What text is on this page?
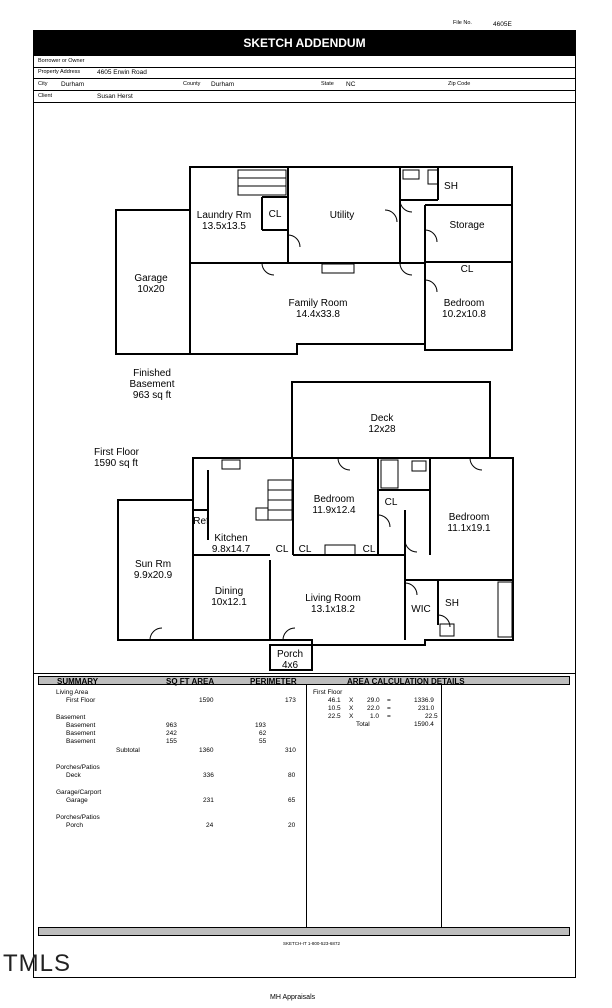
File No.	4605E
SKETCH ADDENDUM
Borrower or Owner
Property Address	4605 Erwin Road
City Durham	County Durham	State NC	Zip Code
Client	Susan Herst
Laundry Rm
13.5x13.5
CL	Utility
SH
Storage
CL
Garage
10x20
Family Room
14.4x33.8
Bedroom
10.2x10.8
Finished
Basement
963 sq ft
Deck
12x28
First Floor
1590 sq ft
Bedroom
11.9x12.4
CL
Bedroom
11.1x19.1
Ref
Kitchen
9.8x14.7	CL CL	CL
Sun Rm
9.9x20.9
Dining
10x12.1	Living Room
13.1x18.2	WIC
SH
Porch
4x6
SUMMARY	SQ FT AREA	PERIMETER	AREA CALCULATION DETAILS
Living Area
First Floor	1590	173
Basement
Basement	963	193
Basement	242	62
Basement	155	55
Subtotal	1360	310
Porches/Patios
Deck	336	80
Garage/Carport
Garage	231	65
Porches/Patios
Porch	24	20
First Floor
46.1 X 29.0 =	1336.9
10.5 X 22.0 =	231.0
22.5 X	1.0 =	22.5
Total	1590.4
SKETCH-IT 1-800-523-6872
TMLS
MH Appraisals
